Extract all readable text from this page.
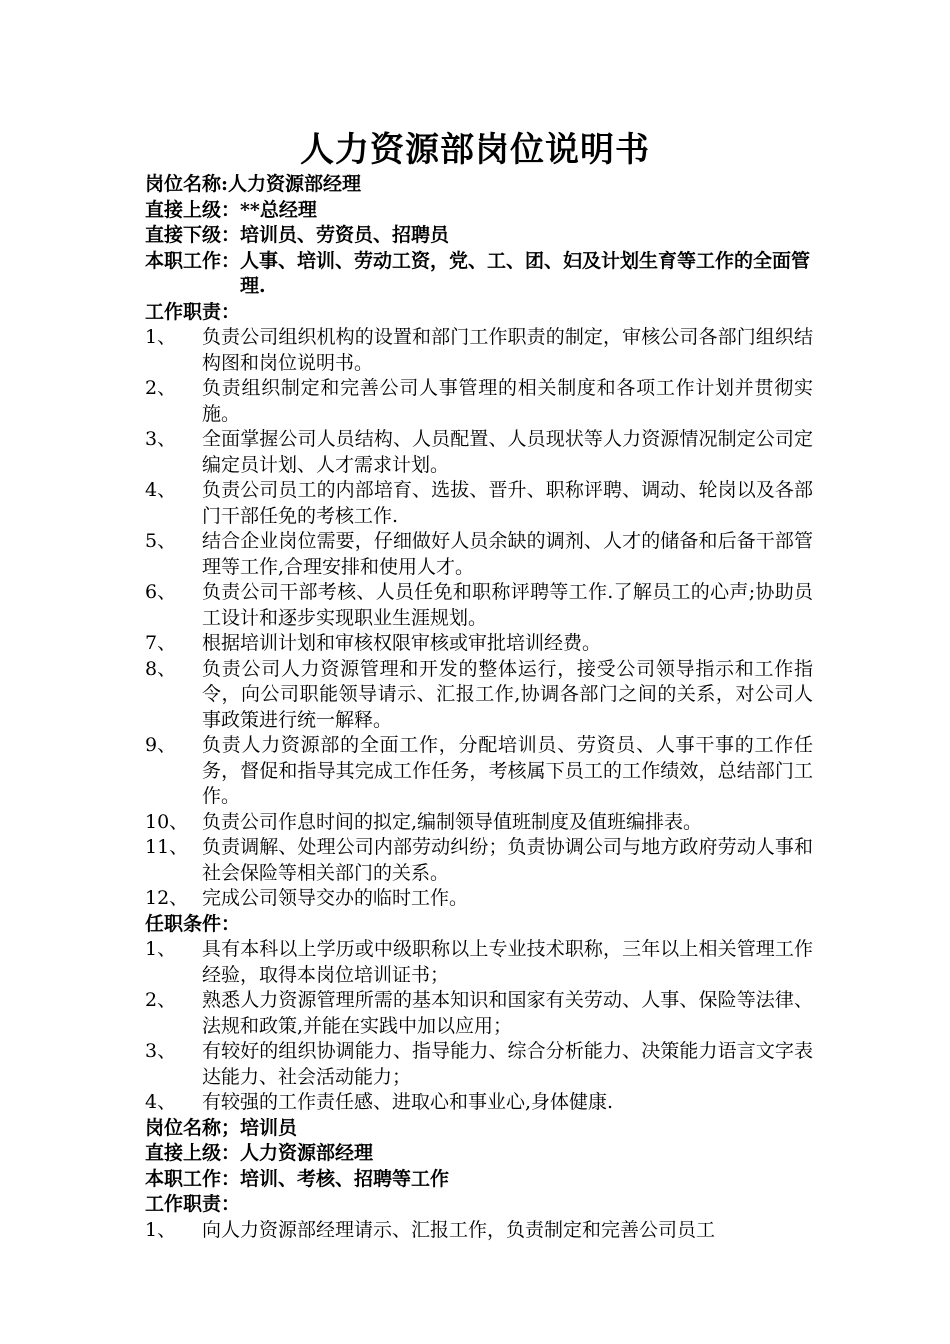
人力资源部岗位说明书
岗位名称:人力资源部经理
直接上级：**总经理
直接下级：培训员、劳资员、招聘员
本职工作： 人事、培训、劳动工资，党、工、团、妇及计划生育等工作的全面管理.
工作职责：
1、	负责公司组织机构的设置和部门工作职责的制定，审核公司各部门组织结构图和岗位说明书。
2、	负责组织制定和完善公司人事管理的相关制度和各项工作计划并贯彻实施。
3、	全面掌握公司人员结构、人员配置、人员现状等人力资源情况制定公司定编定员计划、人才需求计划。
4、	负责公司员工的内部培育、选拔、晋升、职称评聘、调动、轮岗以及各部门干部任免的考核工作.
5、	结合企业岗位需要，仔细做好人员余缺的调剂、人才的储备和后备干部管理等工作,合理安排和使用人才。
6、	负责公司干部考核、人员任免和职称评聘等工作.了解员工的心声;协助员工设计和逐步实现职业生涯规划。
7、	根据培训计划和审核权限审核或审批培训经费。
8、	负责公司人力资源管理和开发的整体运行，接受公司领导指示和工作指令，向公司职能领导请示、汇报工作,协调各部门之间的关系，对公司人事政策进行统一解释。
9、	负责人力资源部的全面工作，分配培训员、劳资员、人事干事的工作任务，督促和指导其完成工作任务，考核属下员工的工作绩效，总结部门工作。
10、 负责公司作息时间的拟定,编制领导值班制度及值班编排表。
11、 负责调解、处理公司内部劳动纠纷；负责协调公司与地方政府劳动人事和社会保险等相关部门的关系。
12、 完成公司领导交办的临时工作。
任职条件：
1、	具有本科以上学历或中级职称以上专业技术职称，三年以上相关管理工作经验，取得本岗位培训证书；
2、	熟悉人力资源管理所需的基本知识和国家有关劳动、人事、保险等法律、法规和政策,并能在实践中加以应用；
3、	有较好的组织协调能力、指导能力、综合分析能力、决策能力语言文字表达能力、社会活动能力；
4、	有较强的工作责任感、进取心和事业心,身体健康.
岗位名称；培训员
直接上级：人力资源部经理
本职工作：培训、考核、招聘等工作
工作职责：
1、	向人力资源部经理请示、汇报工作，负责制定和完善公司员工
